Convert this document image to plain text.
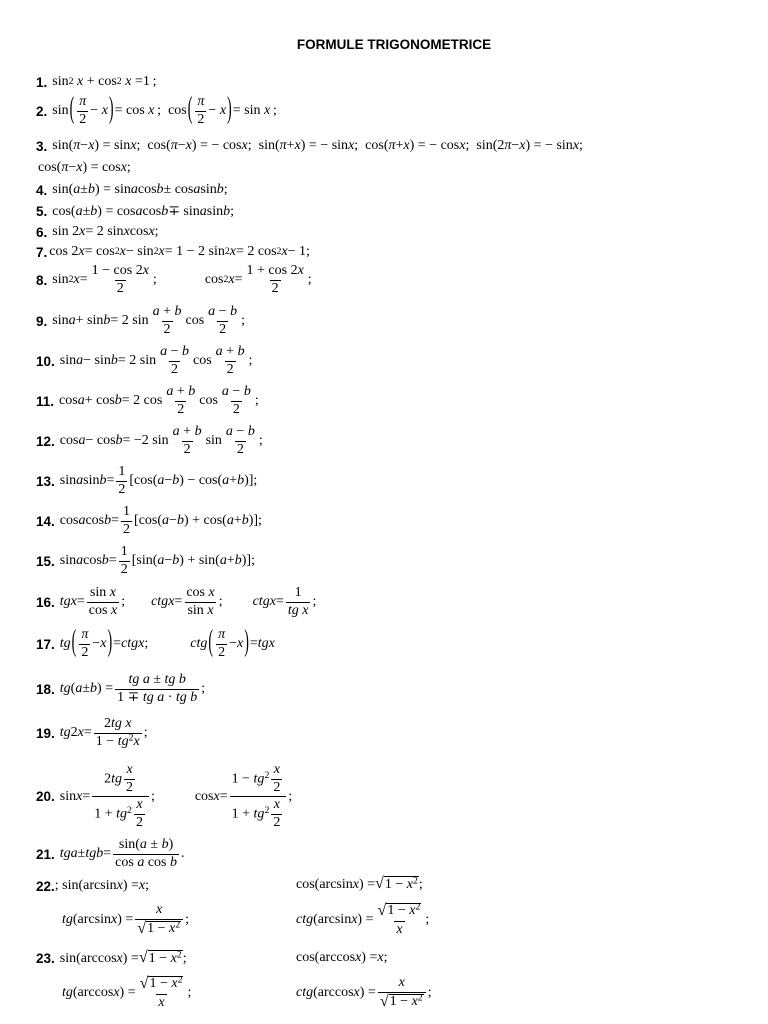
FORMULE TRIGONOMETRICE
1. sin 2
x + cos 2
x =1 ;
2. sin ( $\frac{\pi}{2} - x$ ) = cos x  ;  cos ( $\frac{\pi}{2} - x$ ) = sin x  ;
3. sin( π − x ) = sin x ;  cos( π − x ) = − cos x ;  sin( π + x ) = − sin x ;  cos( π + x ) = − cos x ;  sin(2 π − x ) = − sin x ;
cos( π − x ) = cos x ;
4. sin( a ± b ) = sin a cos b ± cos a sin b ;
5. cos( a ± b ) = cos a cos b ∓ sin a sin b ;
6. sin 2 x = 2 sin x cos x ;
7. cos 2 x = cos 2 x − sin 2 x = 1 − 2 sin 2 x = 2 cos 2 x − 1;
8. sin 2 $x = \frac{1 - \cos 2x}{2}$ ;	cos 2 $x = \frac{1 + \cos 2x}{2}$ ;
9. sin a + sin b = 2 $\sin \frac{a + b}{2}$ $\cos \frac{a - b}{2}$ ;
10. sin a − sin b = 2 $\sin \frac{a - b}{2}$ $\cos \frac{a + b}{2}$ ;
11. cos a + cos b = 2 $\cos \frac{a + b}{2}$ $\cos \frac{a - b}{2}$ ;
12. cos a − cos b = −2 $\sin \frac{a + b}{2}$ $\sin \frac{a - b}{2}$ ;
13. sin a $\sin b = \frac{1}{2} [\cos$( a − b ) − cos( a + b )];
14. cos a $\cos b = \frac{1}{2} [\cos$( a − b ) + cos( a + b )];
15. sin a $\cos b = \frac{1}{2} [\sin$( a − b ) + sin( a + b )];
16. tg $x = \frac{\text{sin x}}{\text{cos x}}$ ; ctg $x = \frac{\text{cos x}}{\text{sin x}}$ ; ctg $x = \frac{1}{\text{tg x}}$ ;
17. tg ( $\frac{\pi}{2} - x$ ) = ctg x ;	ctg ( $\frac{\pi}{2} - x$ ) = tg x
18. tg ( a ± b ) = $\frac{\text{tg a ± tg b}}{\text{1 ∓ tg a · tg b}}$ ;
19. tg 2 $x = \frac{\text{2tg x}}{1 - tg^2x}$ ;
20. $\sin x = \frac{2tg \frac{x}{2}}{1 + tg^2 \frac{x}{2}}$ ;	$\cos x = \frac{1 - tg^2 \frac{x}{2}}{1 + tg^2 \frac{x}{2}}$ ;
21. tg a ± tg $b = \frac{\sin(a \pm b)}{\text{cos a cos b}}$ .
22. ; sin(arcsin x ) = x ;	cos(arcsin x ) = √ $1 - x^2$ ;
tg (arcsin x ) = $\frac{x}{√ 1 - x^2}$ ;	ctg (arcsin x ) = $\frac{√ 1 - x^2}{x}$ ;
23. sin(arccos x ) = √ $1 - x^2$ ;	cos(arccos x ) = x ;
tg (arccos x ) = $\frac{√ 1 - x^2}{x}$ ;	ctg (arccos x ) = $\frac{x}{√ 1 - x^2}$ ;
